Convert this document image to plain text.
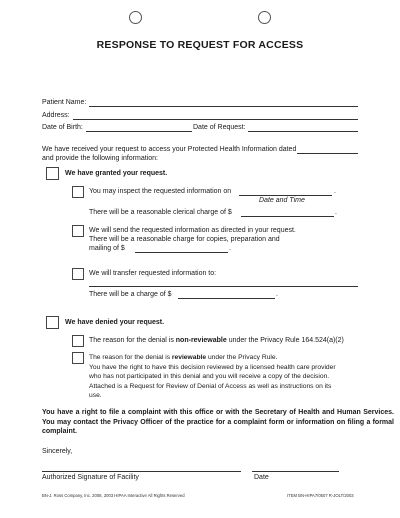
RESPONSE TO REQUEST FOR ACCESS
Patient Name:
Address:
Date of Birth:	Date of Request:
We have received your request to access your Protected Health Information dated
and provide the following information:
We have granted your request.
You may inspect the requested information on	.
Date and Time
There will be a reasonable clerical charge of $	.
We will send the requested information as directed in your request.
There will be a reasonable charge for copies, preparation and
mailing of $	.
We will transfer requested information to:
There will be a charge of $	.
We have denied your request.
The reason for the denial is non-reviewable under the Privacy Rule 164.524(a)(2)
The reason for the denial is reviewable under the Privacy Rule.
You have the right to have this decision reviewed by a licensed health care provider
who has not participated in this denial and you will receive a copy of the decision.
Attached is a Request for Review of Denial of Access as well as instructions on its
use.
You have a right to file a complaint with this office or with the Secretary of Health and Human Services. You may contact the Privacy Officer of the practice for a complaint form or information on filing a formal complaint.
Sincerely,
Authorized Signature of Facility	Date
BN-J. Ross Company, Inc. 2008, 2003 HIPAA Interactive All Rights Reserved	ITEM BN-HIPA7/0507 R-JOLT/2003
